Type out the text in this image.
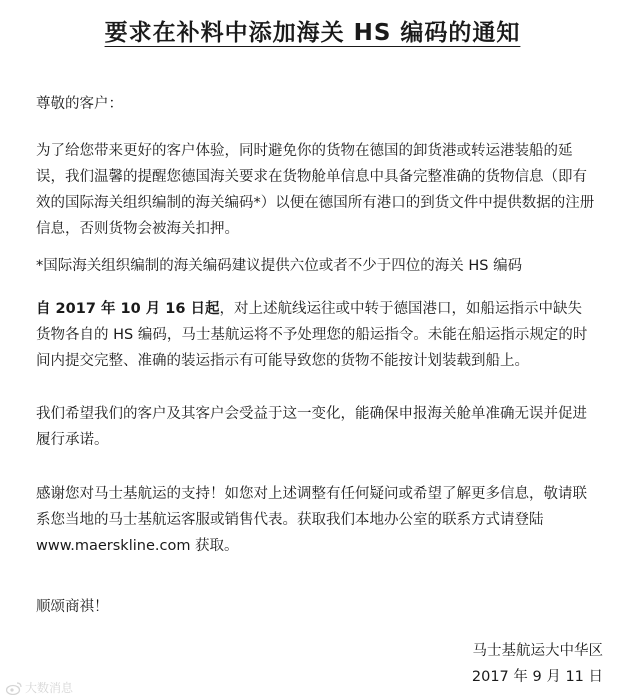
要求在补料中添加海关 HS 编码的通知

尊敬的客户：

为了给您带来更好的客户体验，同时避免你的货物在德国的卸货港或转运港装船的延误，我们温馨的提醒您德国海关要求在货物舱单信息中具备完整准确的货物信息（即有效的国际海关组织编制的海关编码*）以便在德国所有港口的到货文件中提供数据的注册信息，否则货物会被海关扣押。

*国际海关组织编制的海关编码建议提供六位或者不少于四位的海关 HS 编码

自 2017 年 10 月 16 日起，对上述航线运往或中转于德国港口，如船运指示中缺失货物各自的 HS 编码，马士基航运将不予处理您的船运指令。未能在船运指示规定的时间内提交完整、准确的装运指示有可能导致您的货物不能按计划装载到船上。

我们希望我们的客户及其客户会受益于这一变化，能确保申报海关舱单准确无误并促进履行承诺。

感谢您对马士基航运的支持！如您对上述调整有任何疑问或希望了解更多信息，敬请联系您当地的马士基航运客服或销售代表。获取我们本地办公室的联系方式请登陆 www.maerskline.com 获取。

顺颂商祺！

马士基航运大中华区
2017 年 9 月 11 日
大数消息
